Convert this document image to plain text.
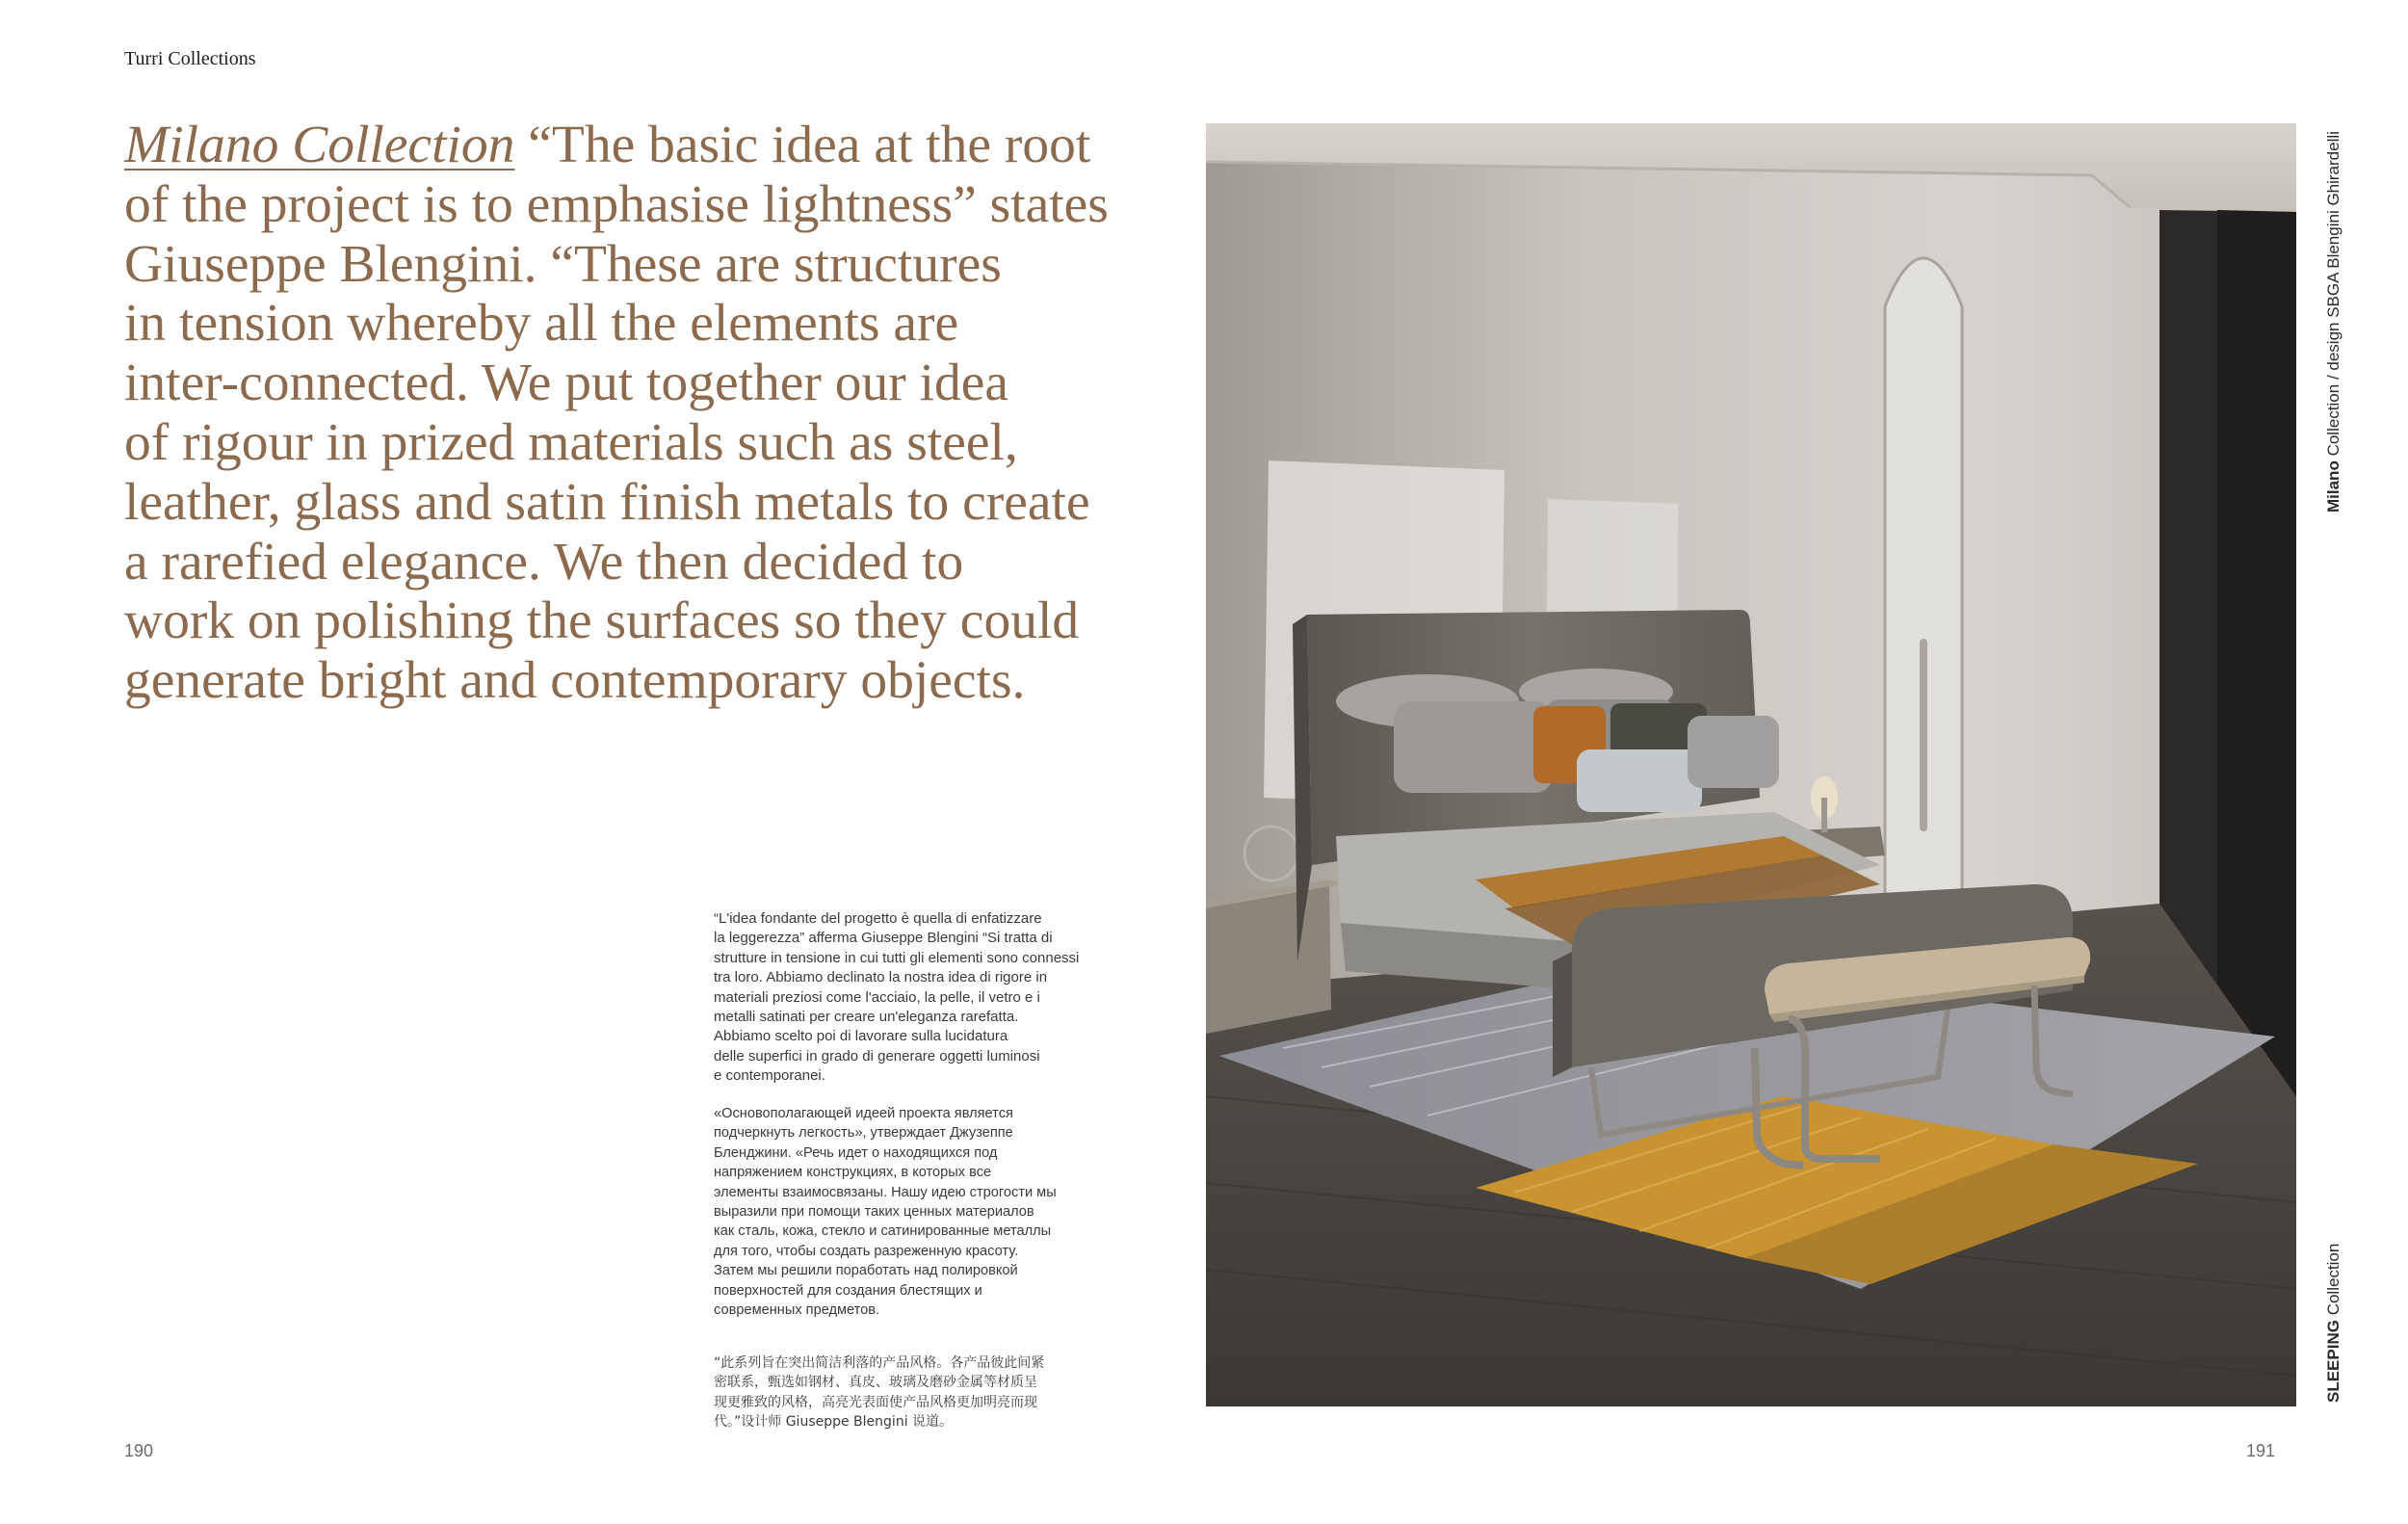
Turri Collections

Milano Collection “The basic idea at the root
of the project is to emphasise lightness” states
Giuseppe Blengini. “These are structures
in tension whereby all the elements are
inter-connected. We put together our idea
of rigour in prized materials such as steel,
leather, glass and satin finish metals to create
a rarefied elegance. We then decided to
work on polishing the surfaces so they could
generate bright and contemporary objects.

“L'idea fondante del progetto è quella di enfatizzare
la leggerezza” afferma Giuseppe Blengini “Si tratta di
strutture in tensione in cui tutti gli elementi sono connessi
tra loro. Abbiamo declinato la nostra idea di rigore in
materiali preziosi come l'acciaio, la pelle, il vetro e i
metalli satinati per creare un'eleganza rarefatta.
Abbiamo scelto poi di lavorare sulla lucidatura
delle superfici in grado di generare oggetti luminosi
e contemporanei.

«Основополагающей идеей проекта является
подчеркнуть легкость», утверждает Джузеппе
Бленджини. «Речь идет о находящихся под
напряжением конструкциях, в которых все
элементы взаимосвязаны. Нашу идею строгости мы
выразили при помощи таких ценных материалов
как сталь, кожа, стекло и сатинированные металлы
для того, чтобы создать разреженную красоту.
Затем мы решили поработать над полировкой
поверхностей для создания блестящих и
современных предметов.

“此系列旨在突出简洁利落的产品风格。各产品彼此间紧
密联系，甄选如钢材、真皮、玻璃及磨砂金属等材质呈
现更雅致的风格，高亮光表面使产品风格更加明亮而现
代。”设计师 Giuseppe Blengini 说道。

190	191
Milano Collection / design SBGA Blengini Ghirardelli
SLEEPING Collection
